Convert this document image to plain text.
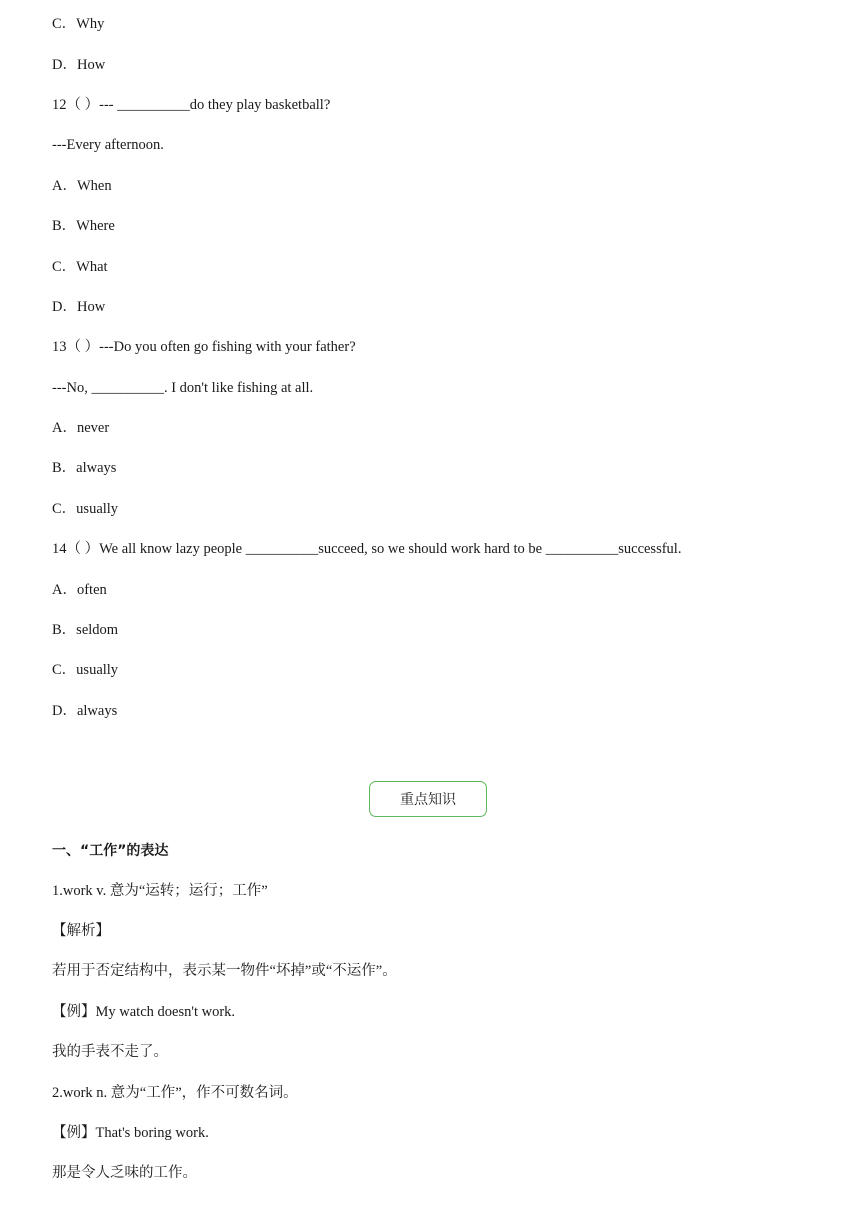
C．Why
D．How
12（ ）--- __________do they play basketball?
---Every afternoon.
A．When
B．Where
C．What
D．How
13（ ）---Do you often go fishing with your father?
---No, __________. I don't like fishing at all.
A．never
B．always
C．usually
14（ ）We all know lazy people __________succeed, so we should work hard to be __________successful.
A．often
B．seldom
C．usually
D．always
重点知识
一、“工作”的表达
1.work v. 意为“运转；运行；工作”
【解析】
若用于否定结构中，表示某一物件“坏掉”或“不运作”。
【例】My watch doesn't work.
我的手表不走了。
2.work n. 意为“工作”，作不可数名词。
【例】That's boring work.
那是令人乏味的工作。
